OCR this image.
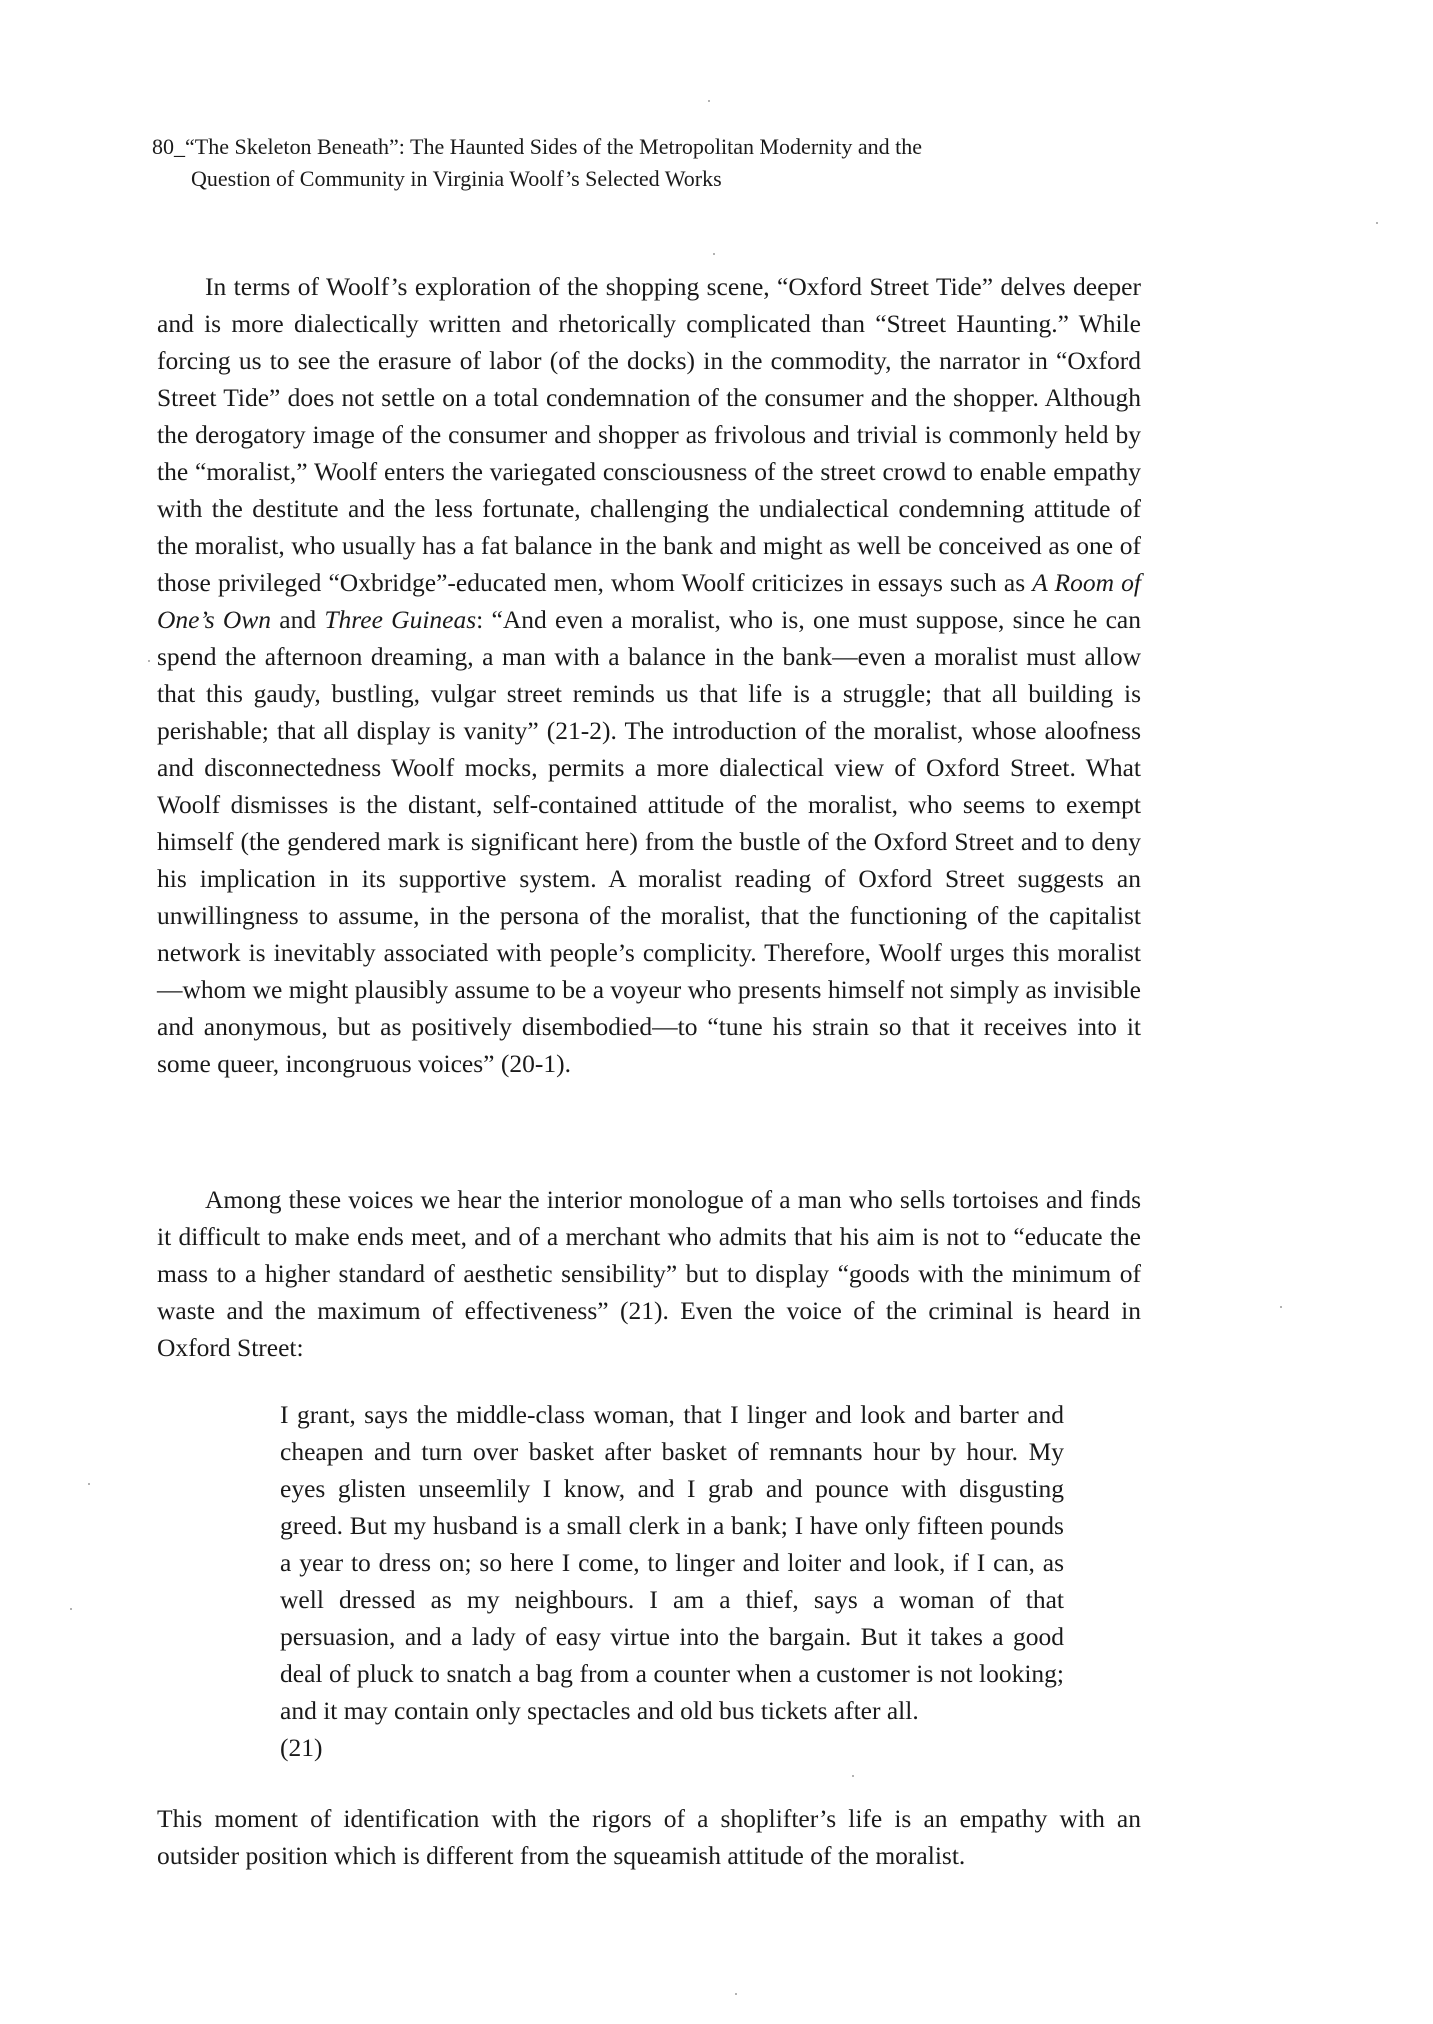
80_“The Skeleton Beneath”: The Haunted Sides of the Metropolitan Modernity and the
Question of Community in Virginia Woolf’s Selected Works

In terms of Woolf’s exploration of the shopping scene, “Oxford Street Tide” delves deeper and is more dialectically written and rhetorically complicated than “Street Haunting.” While forcing us to see the erasure of labor (of the docks) in the commodity, the narrator in “Oxford Street Tide” does not settle on a total condemnation of the consumer and the shopper. Although the derogatory image of the consumer and shopper as frivolous and trivial is commonly held by the “moralist,” Woolf enters the variegated consciousness of the street crowd to enable empathy with the destitute and the less fortunate, challenging the undialectical condemning attitude of the moralist, who usually has a fat balance in the bank and might as well be conceived as one of those privileged “Oxbridge”-educated men, whom Woolf criticizes in essays such as A Room of One’s Own and Three Guineas: “And even a moralist, who is, one must suppose, since he can spend the afternoon dreaming, a man with a balance in the bank—even a moralist must allow that this gaudy, bustling, vulgar street reminds us that life is a struggle; that all building is perishable; that all display is vanity” (21-2). The introduction of the moralist, whose aloofness and disconnectedness Woolf mocks, permits a more dialectical view of Oxford Street. What Woolf dismisses is the distant, self-contained attitude of the moralist, who seems to exempt himself (the gendered mark is significant here) from the bustle of the Oxford Street and to deny his implication in its supportive system. A moralist reading of Oxford Street suggests an unwillingness to assume, in the persona of the moralist, that the functioning of the capitalist network is inevitably associated with people’s complicity. Therefore, Woolf urges this moralist—whom we might plausibly assume to be a voyeur who presents himself not simply as invisible and anonymous, but as positively disembodied—to “tune his strain so that it receives into it some queer, incongruous voices” (20-1).

Among these voices we hear the interior monologue of a man who sells tortoises and finds it difficult to make ends meet, and of a merchant who admits that his aim is not to “educate the mass to a higher standard of aesthetic sensibility” but to display “goods with the minimum of waste and the maximum of effectiveness” (21). Even the voice of the criminal is heard in Oxford Street:

I grant, says the middle-class woman, that I linger and look and barter and cheapen and turn over basket after basket of remnants hour by hour. My eyes glisten unseemlily I know, and I grab and pounce with disgusting greed. But my husband is a small clerk in a bank; I have only fifteen pounds a year to dress on; so here I come, to linger and loiter and look, if I can, as well dressed as my neighbours. I am a thief, says a woman of that persuasion, and a lady of easy virtue into the bargain. But it takes a good deal of pluck to snatch a bag from a counter when a customer is not looking; and it may contain only spectacles and old bus tickets after all.
(21)

This moment of identification with the rigors of a shoplifter’s life is an empathy with an outsider position which is different from the squeamish attitude of the moralist.
